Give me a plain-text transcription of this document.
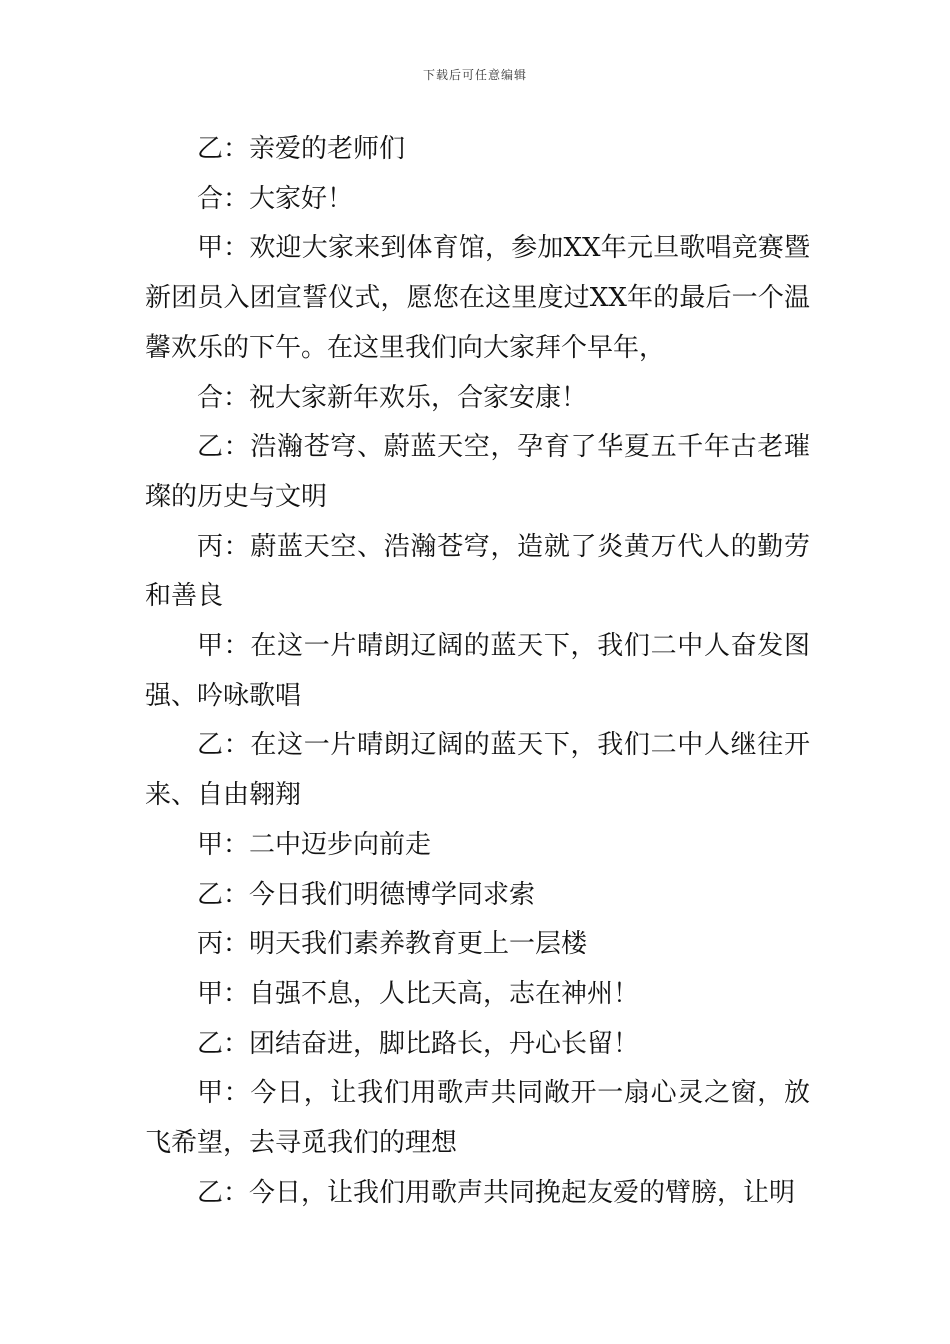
下载后可任意编辑

乙：亲爱的老师们

合：大家好！

甲：欢迎大家来到体育馆，参加XX年元旦歌唱竞赛暨新团员入团宣誓仪式，愿您在这里度过XX年的最后一个温馨欢乐的下午。在这里我们向大家拜个早年，

合：祝大家新年欢乐，合家安康！

乙：浩瀚苍穹、蔚蓝天空，孕育了华夏五千年古老璀璨的历史与文明

丙：蔚蓝天空、浩瀚苍穹，造就了炎黄万代人的勤劳和善良

甲：在这一片晴朗辽阔的蓝天下，我们二中人奋发图强、吟咏歌唱

乙：在这一片晴朗辽阔的蓝天下，我们二中人继往开来、自由翱翔

甲：二中迈步向前走

乙：今日我们明德博学同求索

丙：明天我们素养教育更上一层楼

甲：自强不息，人比天高，志在神州！

乙：团结奋进，脚比路长，丹心长留！

甲：今日，让我们用歌声共同敞开一扇心灵之窗，放飞希望，去寻觅我们的理想

乙：今日，让我们用歌声共同挽起友爱的臂膀，让明
